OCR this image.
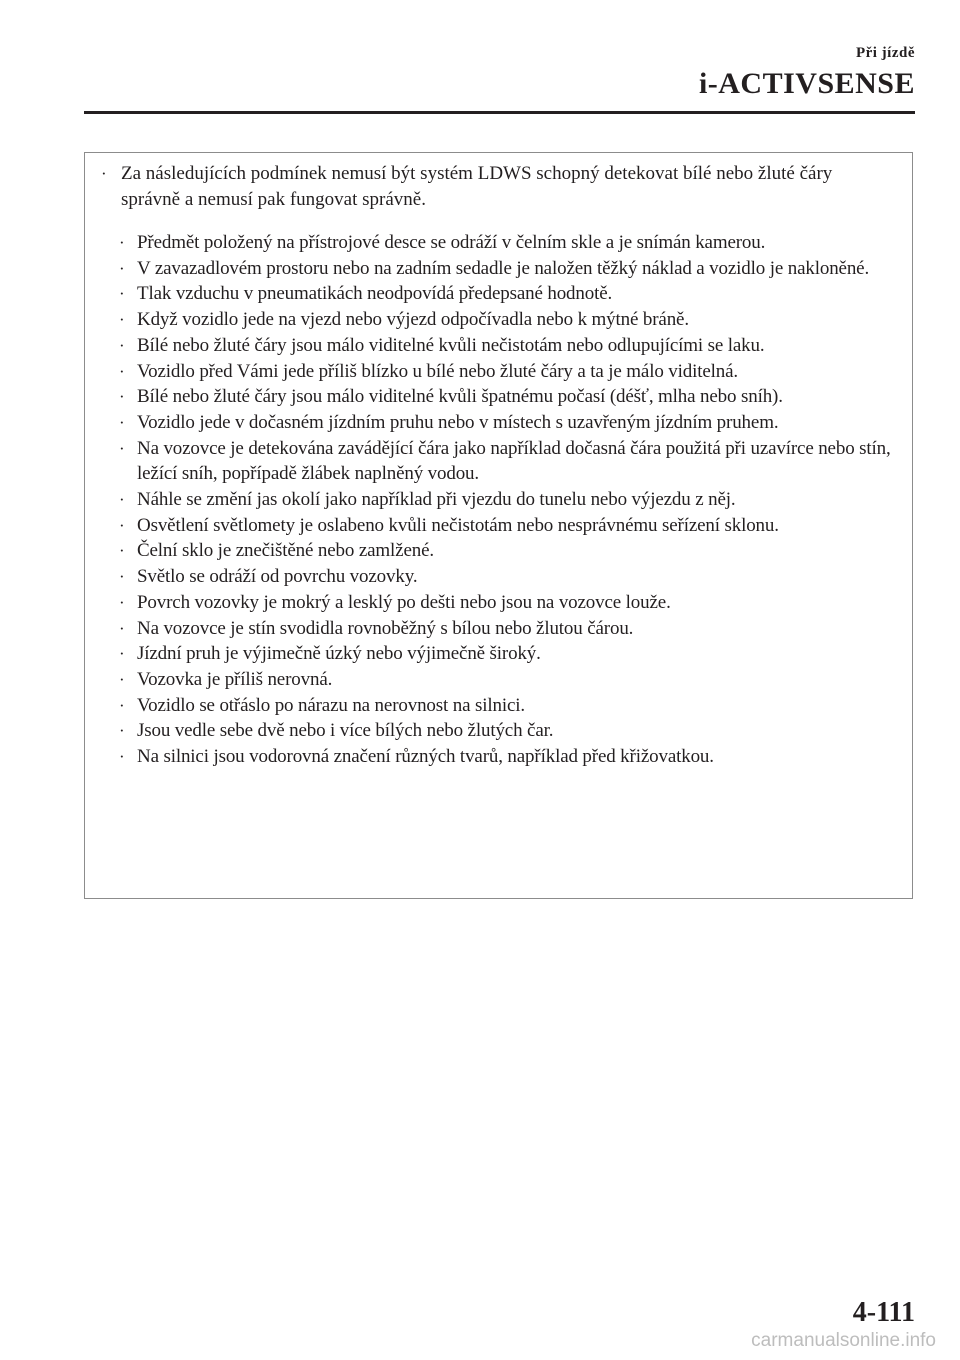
Při jízdě
i-ACTIVSENSE
· Za následujících podmínek nemusí být systém LDWS schopný detekovat bílé nebo žluté čáry správně a nemusí pak fungovat správně.
· Předmět položený na přístrojové desce se odráží v čelním skle a je snímán kamerou.
· V zavazadlovém prostoru nebo na zadním sedadle je naložen těžký náklad a vozidlo je nakloněné.
· Tlak vzduchu v pneumatikách neodpovídá předepsané hodnotě.
· Když vozidlo jede na vjezd nebo výjezd odpočívadla nebo k mýtné bráně.
· Bílé nebo žluté čáry jsou málo viditelné kvůli nečistotám nebo odlupujícími se laku.
· Vozidlo před Vámi jede příliš blízko u bílé nebo žluté čáry a ta je málo viditelná.
· Bílé nebo žluté čáry jsou málo viditelné kvůli špatnému počasí (déšť, mlha nebo sníh).
· Vozidlo jede v dočasném jízdním pruhu nebo v místech s uzavřeným jízdním pruhem.
· Na vozovce je detekována zavádějící čára jako například dočasná čára použitá při uzavírce nebo stín, ležící sníh, popřípadě žlábek naplněný vodou.
· Náhle se změní jas okolí jako například při vjezdu do tunelu nebo výjezdu z něj.
· Osvětlení světlomety je oslabeno kvůli nečistotám nebo nesprávnému seřízení sklonu.
· Čelní sklo je znečištěné nebo zamlžené.
· Světlo se odráží od povrchu vozovky.
· Povrch vozovky je mokrý a lesklý po dešti nebo jsou na vozovce louže.
· Na vozovce je stín svodidla rovnoběžný s bílou nebo žlutou čárou.
· Jízdní pruh je výjimečně úzký nebo výjimečně široký.
· Vozovka je příliš nerovná.
· Vozidlo se otřáslo po nárazu na nerovnost na silnici.
· Jsou vedle sebe dvě nebo i více bílých nebo žlutých čar.
· Na silnici jsou vodorovná značení různých tvarů, například před křižovatkou.
4-111
carmanualsonline.info
